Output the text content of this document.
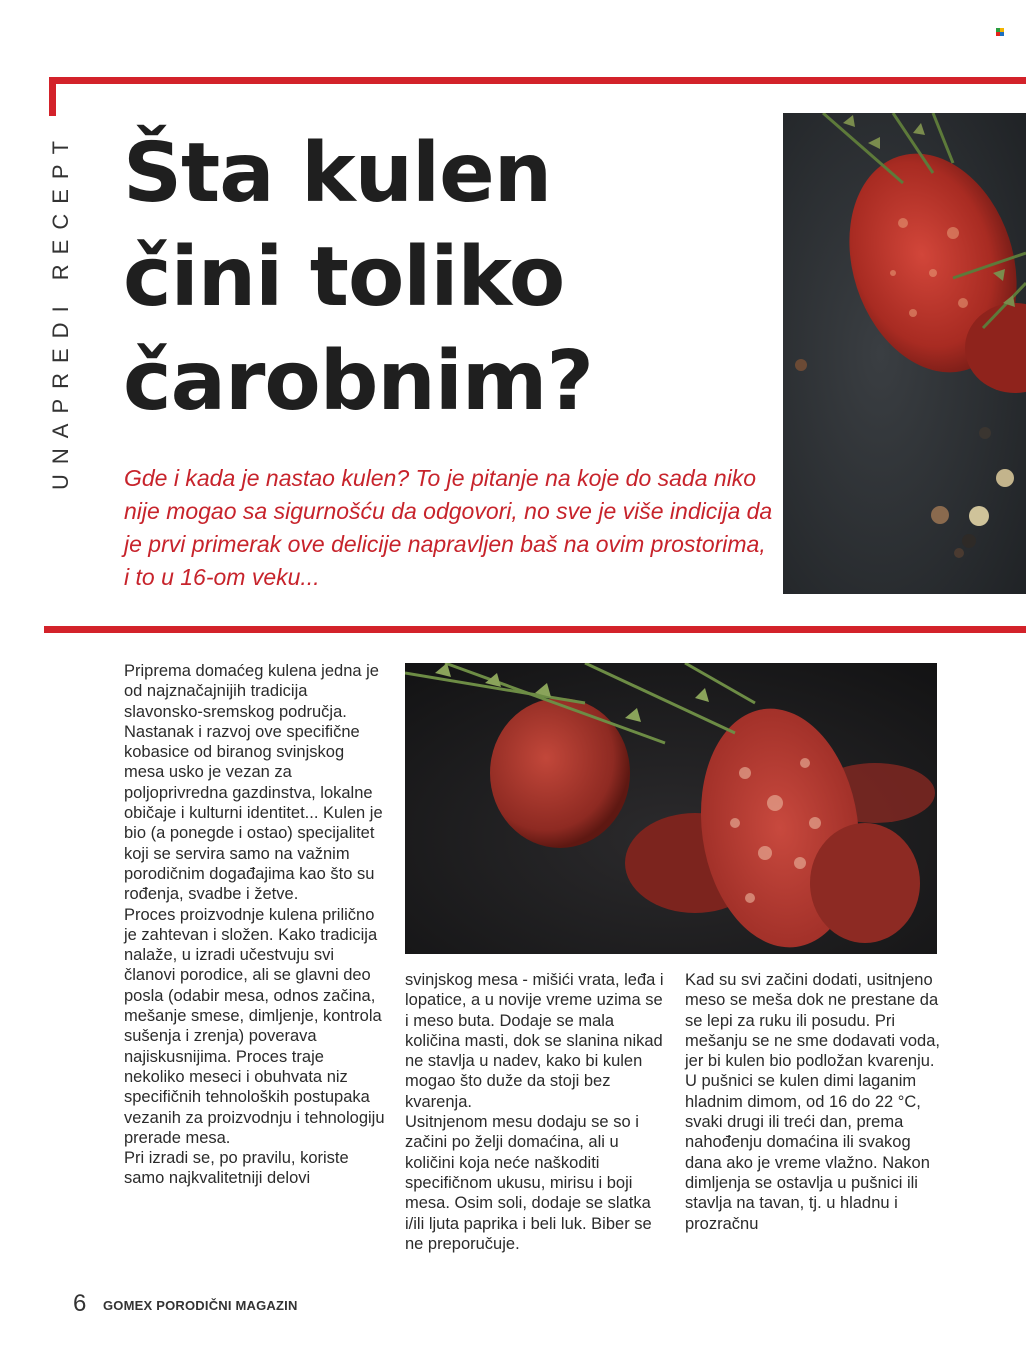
UNAPREDI RECEPT Šta kulen
čini toliko
čarobnim?

Gde i kada je nastao kulen? To je pitanje na koje do sada niko nije mogao sa sigurnošću da odgovori, no sve je više indicija da je prvi primerak ove delicije napravljen baš na ovim prostorima, i to u 16-om veku...

Priprema domaćeg kulena jedna je od najznačajnijih tradicija slavonsko-sremskog područja. Nastanak i razvoj ove specifične kobasice od biranog svinjskog mesa usko je vezan za poljoprivredna gazdinstva, lokalne običaje i kulturni identitet... Kulen je bio (a ponegde i ostao) specijalitet koji se servira samo na važnim porodičnim događajima kao što su rođenja, svadbe i žetve.

Proces proizvodnje kulena prilično je zahtevan i složen. Kako tradicija nalaže, u izradi učestvuju svi članovi porodice, ali se glavni deo posla (odabir mesa, odnos začina, mešanje smese, dimljenje, kontrola sušenja i zrenja) poverava najiskusnijima. Proces traje nekoliko meseci i obuhvata niz specifičnih tehnoloških postupaka vezanih za proizvodnju i tehnologiju prerade mesa.

Pri izradi se, po pravilu, koriste samo najkvalitetniji delovi

svinjskog mesa - mišići vrata, leđa i lopatice, a u novije vreme uzima se i meso buta. Dodaje se mala količina masti, dok se slanina nikad ne stavlja u nadev, kako bi kulen mogao što duže da stoji bez kvarenja.

Usitnjenom mesu dodaju se so i začini po želji domaćina, ali u količini koja neće naškoditi specifičnom ukusu, mirisu i boji mesa. Osim soli, dodaje se slatka i/ili ljuta paprika i beli luk. Biber se ne preporučuje.

Kad su svi začini dodati, usitnjeno meso se meša dok ne prestane da se lepi za ruku ili posudu. Pri mešanju se ne sme dodavati voda, jer bi kulen bio podložan kvarenju. U pušnici se kulen dimi laganim hladnim dimom, od 16 do 22 °C, svaki drugi ili treći dan, prema nahođenju domaćina ili svakog dana ako je vreme vlažno. Nakon dimljenja se ostavlja u pušnici ili stavlja na tavan, tj. u hladnu i prozračnu

6 GOMEX PORODIČNI MAGAZIN
